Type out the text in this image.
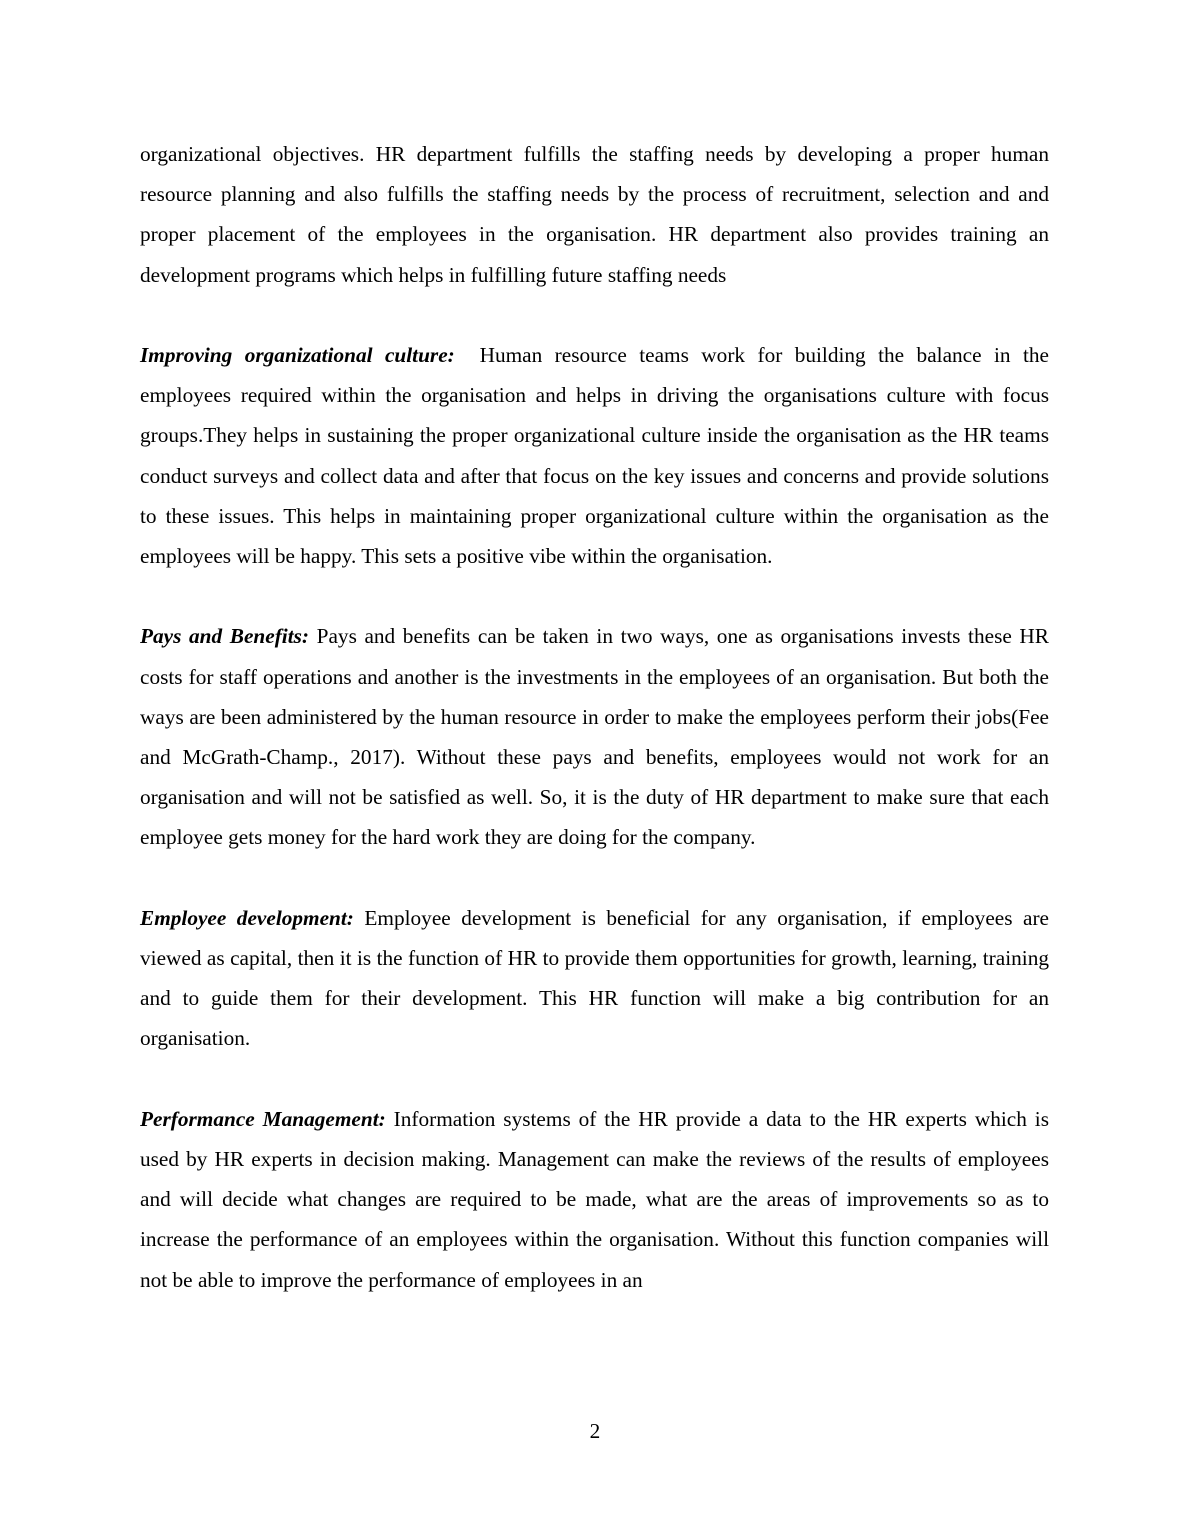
organizational objectives. HR department fulfills the staffing needs by developing a proper human resource planning and also fulfills the staffing needs by the process of recruitment, selection and and proper placement of the employees in the organisation. HR department also provides training an development programs which helps in fulfilling future staffing needs

Improving organizational culture:  Human resource teams work for building the balance in the employees required within the organisation and helps in driving the organisations culture with focus groups.They helps in sustaining the proper organizational culture inside the organisation as the HR teams conduct surveys and collect data and after that focus on the key issues and concerns and provide solutions to these issues. This helps in maintaining proper organizational culture within the organisation as the employees will be happy. This sets a positive vibe within the organisation.

Pays and Benefits: Pays and benefits can be taken in two ways, one as organisations invests these HR costs for staff operations and another is the investments in the employees of an organisation. But both the ways are been administered by the human resource in order to make the employees perform their jobs(Fee and McGrath-Champ., 2017). Without these pays and benefits, employees would not work for an organisation and will not be satisfied as well. So, it is the duty of HR department to make sure that each employee gets money for the hard work they are doing for the company.

Employee development: Employee development is beneficial for any organisation, if employees are viewed as capital, then it is the function of HR to provide them opportunities for growth, learning, training and to guide them for their development. This HR function will make a big contribution for an organisation.

Performance Management: Information systems of the HR provide a data to the HR experts which is used by HR experts in decision making. Management can make the reviews of the results of employees and will decide what changes are required to be made, what are the areas of improvements so as to increase the performance of an employees within the organisation. Without this function companies will not be able to improve the performance of employees in an

2
